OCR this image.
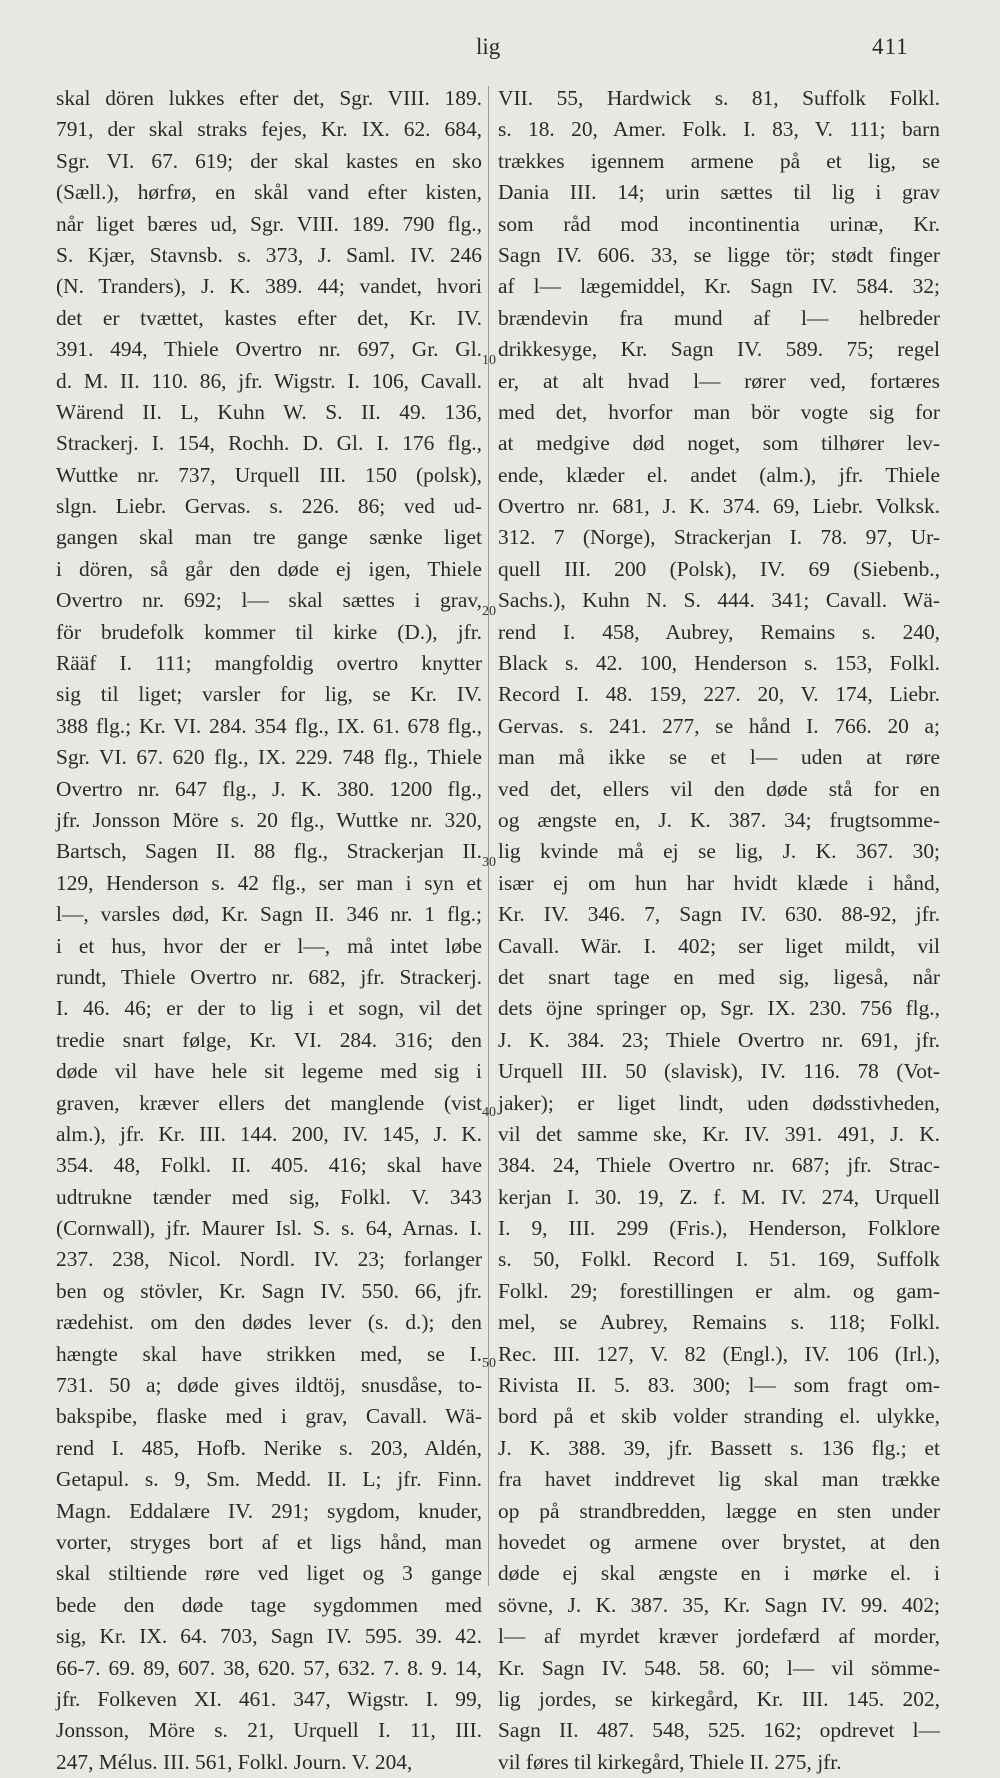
lig	411
10
20
30
40
50
skal dören lukkes efter det, Sgr. VIII. 189.
791, der skal straks fejes, Kr. IX. 62. 684,
Sgr. VI. 67. 619; der skal kastes en sko
(Sæll.), hørfrø, en skål vand efter kisten,
når liget bæres ud, Sgr. VIII. 189. 790 flg.,
S. Kjær, Stavnsb. s. 373, J. Saml. IV. 246
(N. Tranders), J. K. 389. 44; vandet, hvori
det er tvættet, kastes efter det, Kr. IV.
391. 494, Thiele Overtro nr. 697, Gr. Gl.
d. M. II. 110. 86, jfr. Wigstr. I. 106, Cavall.
Wärend II. L, Kuhn W. S. II. 49. 136,
Strackerj. I. 154, Rochh. D. Gl. I. 176 flg.,
Wuttke nr. 737, Urquell III. 150 (polsk),
slgn. Liebr. Gervas. s. 226. 86; ved ud-
gangen skal man tre gange sænke liget
i dören, så går den døde ej igen, Thiele
Overtro nr. 692; l— skal sættes i grav,
för brudefolk kommer til kirke (D.), jfr.
Rääf I. 111; mangfoldig overtro knytter
sig til liget; varsler for lig, se Kr. IV.
388 flg.; Kr. VI. 284. 354 flg., IX. 61. 678 flg.,
Sgr. VI. 67. 620 flg., IX. 229. 748 flg., Thiele
Overtro nr. 647 flg., J. K. 380. 1200 flg.,
jfr. Jonsson Möre s. 20 flg., Wuttke nr. 320,
Bartsch, Sagen II. 88 flg., Strackerjan II.
129, Henderson s. 42 flg., ser man i syn et
l—, varsles død, Kr. Sagn II. 346 nr. 1 flg.;
i et hus, hvor der er l—, må intet løbe
rundt, Thiele Overtro nr. 682, jfr. Strackerj.
I. 46. 46; er der to lig i et sogn, vil det
tredie snart følge, Kr. VI. 284. 316; den
døde vil have hele sit legeme med sig i
graven, kræver ellers det manglende (vist
alm.), jfr. Kr. III. 144. 200, IV. 145, J. K.
354. 48, Folkl. II. 405. 416; skal have
udtrukne tænder med sig, Folkl. V. 343
(Cornwall), jfr. Maurer Isl. S. s. 64, Arnas. I.
237. 238, Nicol. Nordl. IV. 23; forlanger
ben og stövler, Kr. Sagn IV. 550. 66, jfr.
rædehist. om den dødes lever (s. d.); den
hængte skal have strikken med, se I.
731. 50 a; døde gives ildtöj, snusdåse, to-
bakspibe, flaske med i grav, Cavall. Wä-
rend I. 485, Hofb. Nerike s. 203, Aldén,
Getapul. s. 9, Sm. Medd. II. L; jfr. Finn.
Magn. Eddalære IV. 291; sygdom, knuder,
vorter, stryges bort af et ligs hånd, man
skal stiltiende røre ved liget og 3 gange
bede den døde tage sygdommen med
sig, Kr. IX. 64. 703, Sagn IV. 595. 39. 42.
66-7. 69. 89, 607. 38, 620. 57, 632. 7. 8. 9. 14,
jfr. Folkeven XI. 461. 347, Wigstr. I. 99,
Jonsson, Möre s. 21, Urquell I. 11, III.
247, Mélus. III. 561, Folkl. Journ. V. 204,
VII. 55, Hardwick s. 81, Suffolk Folkl.
s. 18. 20, Amer. Folk. I. 83, V. 111; barn
trækkes igennem armene på et lig, se
Dania III. 14; urin sættes til lig i grav
som råd mod incontinentia urinæ, Kr.
Sagn IV. 606. 33, se ligge tör; stødt finger
af l— lægemiddel, Kr. Sagn IV. 584. 32;
brændevin fra mund af l— helbreder
drikkesyge, Kr. Sagn IV. 589. 75; regel
er, at alt hvad l— rører ved, fortæres
med det, hvorfor man bör vogte sig for
at medgive død noget, som tilhører lev-
ende, klæder el. andet (alm.), jfr. Thiele
Overtro nr. 681, J. K. 374. 69, Liebr. Volksk.
312. 7 (Norge), Strackerjan I. 78. 97, Ur-
quell III. 200 (Polsk), IV. 69 (Siebenb.,
Sachs.), Kuhn N. S. 444. 341; Cavall. Wä-
rend I. 458, Aubrey, Remains s. 240,
Black s. 42. 100, Henderson s. 153, Folkl.
Record I. 48. 159, 227. 20, V. 174, Liebr.
Gervas. s. 241. 277, se hånd I. 766. 20 a;
man må ikke se et l— uden at røre
ved det, ellers vil den døde stå for en
og ængste en, J. K. 387. 34; frugtsomme-
lig kvinde må ej se lig, J. K. 367. 30;
især ej om hun har hvidt klæde i hånd,
Kr. IV. 346. 7, Sagn IV. 630. 88-92, jfr.
Cavall. Wär. I. 402; ser liget mildt, vil
det snart tage en med sig, ligeså, når
dets öjne springer op, Sgr. IX. 230. 756 flg.,
J. K. 384. 23; Thiele Overtro nr. 691, jfr.
Urquell III. 50 (slavisk), IV. 116. 78 (Vot-
jaker); er liget lindt, uden dødsstivheden,
vil det samme ske, Kr. IV. 391. 491, J. K.
384. 24, Thiele Overtro nr. 687; jfr. Strac-
kerjan I. 30. 19, Z. f. M. IV. 274, Urquell
I. 9, III. 299 (Fris.), Henderson, Folklore
s. 50, Folkl. Record I. 51. 169, Suffolk
Folkl. 29; forestillingen er alm. og gam-
mel, se Aubrey, Remains s. 118; Folkl.
Rec. III. 127, V. 82 (Engl.), IV. 106 (Irl.),
Rivista II. 5. 83. 300; l— som fragt om-
bord på et skib volder stranding el. ulykke,
J. K. 388. 39, jfr. Bassett s. 136 flg.; et
fra havet inddrevet lig skal man trække
op på strandbredden, lægge en sten under
hovedet og armene over brystet, at den
døde ej skal ængste en i mørke el. i
sövne, J. K. 387. 35, Kr. Sagn IV. 99. 402;
l— af myrdet kræver jordefærd af morder,
Kr. Sagn IV. 548. 58. 60; l— vil sömme-
lig jordes, se kirkegård, Kr. III. 145. 202,
Sagn II. 487. 548, 525. 162; opdrevet l—
vil føres til kirkegård, Thiele II. 275, jfr.
